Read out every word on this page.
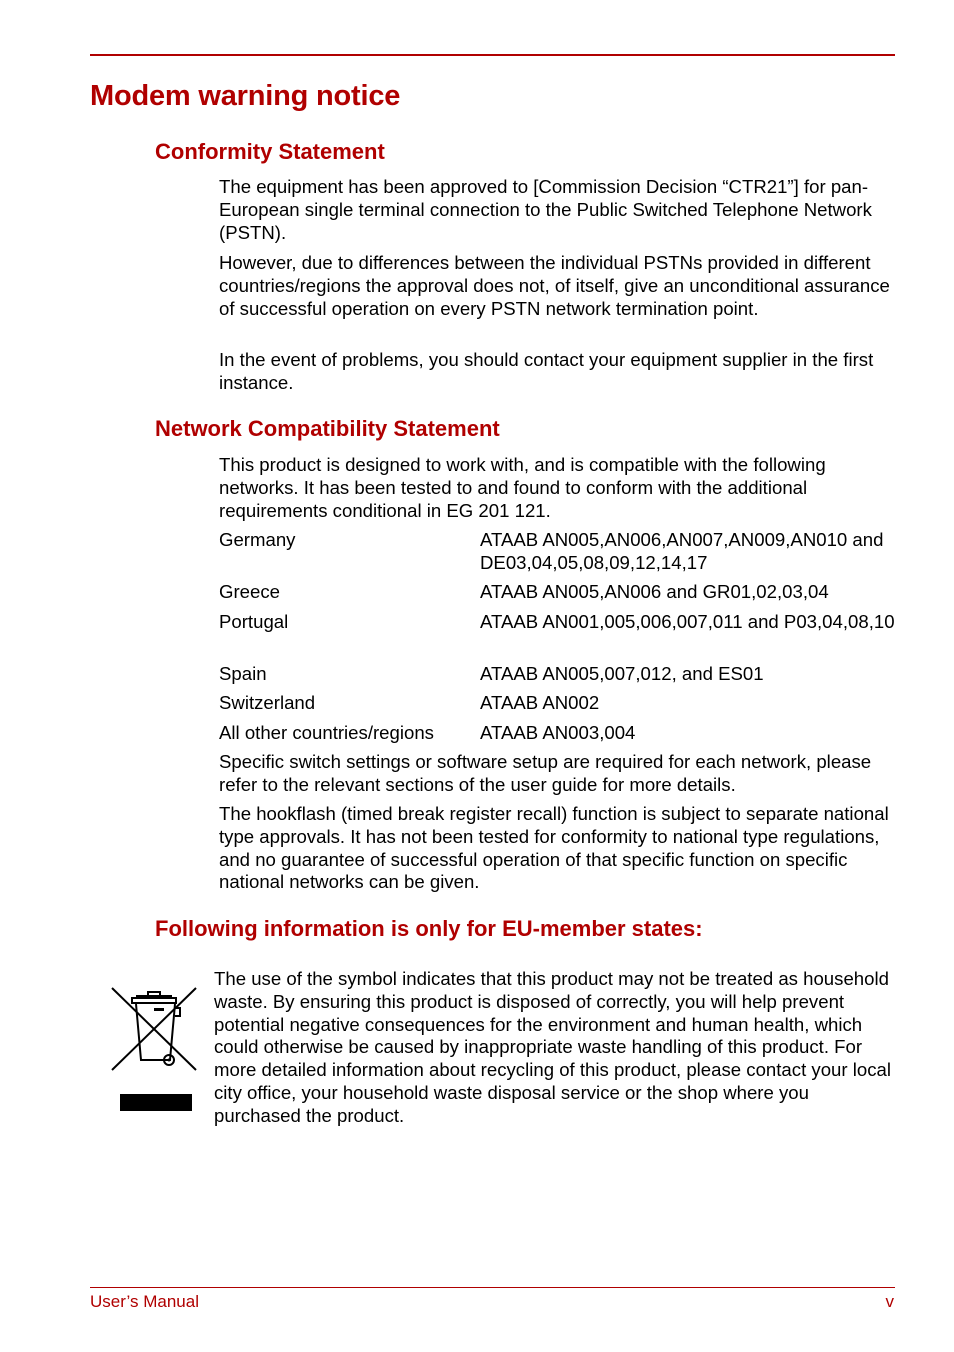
Modem warning notice
Conformity Statement

The equipment has been approved to [Commission Decision “CTR21”] for pan-European single terminal connection to the Public Switched Telephone Network (PSTN).

However, due to differences between the individual PSTNs provided in different countries/regions the approval does not, of itself, give an unconditional assurance of successful operation on every PSTN network termination point.

In the event of problems, you should contact your equipment supplier in the first instance.

Network Compatibility Statement

This product is designed to work with, and is compatible with the following networks. It has been tested to and found to conform with the additional requirements conditional in EG 201 121.

Germany	ATAAB AN005,AN006,AN007,AN009,AN010 and DE03,04,05,08,09,12,14,17
Greece	ATAAB AN005,AN006 and GR01,02,03,04
Portugal	ATAAB AN001,005,006,007,011 and P03,04,08,10
Spain	ATAAB AN005,007,012, and ES01
Switzerland	ATAAB AN002
All other countries/regions ATAAB AN003,004

Specific switch settings or software setup are required for each network, please refer to the relevant sections of the user guide for more details.

The hookflash (timed break register recall) function is subject to separate national type approvals. It has not been tested for conformity to national type regulations, and no guarantee of successful operation of that specific function on specific national networks can be given.

Following information is only for EU-member states:

The use of the symbol indicates that this product may not be treated as household waste. By ensuring this product is disposed of correctly, you will help prevent potential negative consequences for the environment and human health, which could otherwise be caused by inappropriate waste handling of this product. For more detailed information about recycling of this product, please contact your local city office, your household waste disposal service or the shop where you purchased the product.

User’s Manual	v
